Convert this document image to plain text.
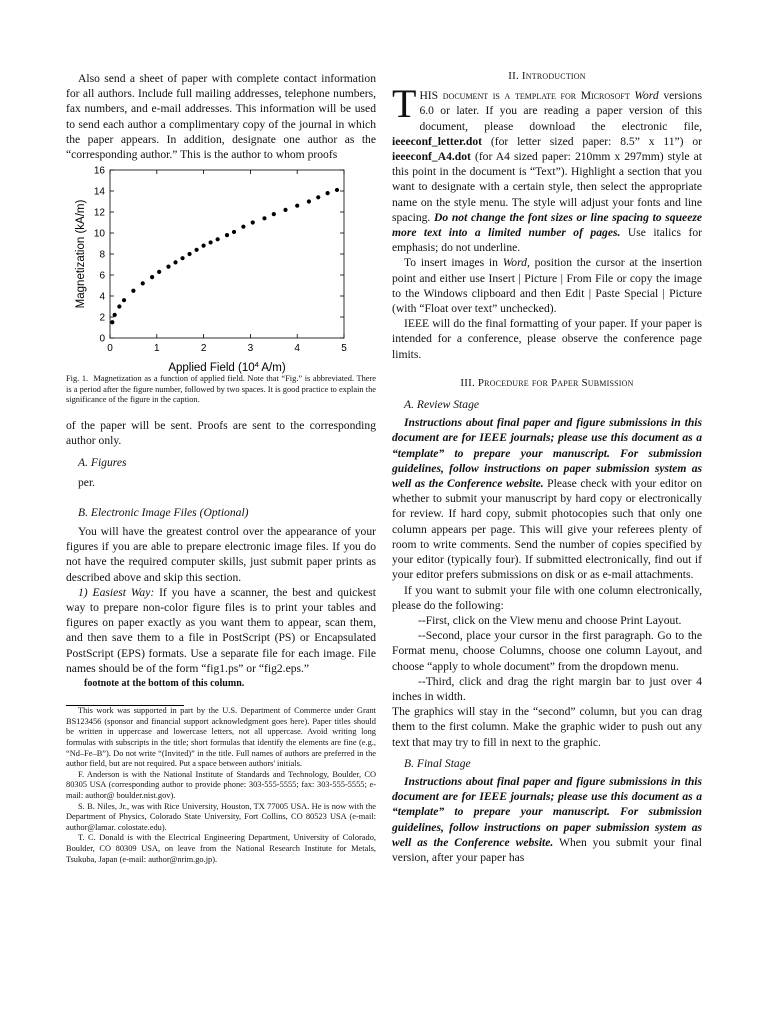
Also send a sheet of paper with complete contact information for all authors. Include full mailing addresses, telephone numbers, fax numbers, and e-mail addresses. This information will be used to send each author a complimentary copy of the journal in which the paper appears. In addition, designate one author as the “corresponding author.” This is the author to whom proofs

0	1	2	3	4	5
0
2
4
6
8
10
12
14
16
Applied Field ($10^4$ A/m)
Magnetization (kA/m)

Fig. 1. Magnetization as a function of applied field. Note that “Fig.” is abbreviated. There is a period after the figure number, followed by two spaces. It is good practice to explain the significance of the figure in the caption.

of the paper will be sent. Proofs are sent to the corresponding author only.

A. Figures

per.

B. Electronic Image Files (Optional)

You will have the greatest control over the appearance of your figures if you are able to prepare electronic image files. If you do not have the required computer skills, just submit paper prints as described above and skip this section.

1) Easiest Way: If you have a scanner, the best and quickest way to prepare non-color figure files is to print your tables and figures on paper exactly as you want them to appear, scan them, and then save them to a file in PostScript (PS) or Encapsulated PostScript (EPS) formats. Use a separate file for each image. File names should be of the form “fig1.ps” or “fig2.eps.”

footnote at the bottom of this column.

This work was supported in part by the U.S. Department of Commerce under Grant BS123456 (sponsor and financial support acknowledgment goes here). Paper titles should be written in uppercase and lowercase letters, not all uppercase. Avoid writing long formulas with subscripts in the title; short formulas that identify the elements are fine (e.g., “Nd–Fe–B”). Do not write “(Invited)” in the title. Full names of authors are preferred in the author field, but are not required. Put a space between authors' initials.

F. Anderson is with the National Institute of Standards and Technology, Boulder, CO 80305 USA (corresponding author to provide phone: 303-555-5555; fax: 303-555-5555; e-mail: author@ boulder.nist.gov).

S. B. Niles, Jr., was with Rice University, Houston, TX 77005 USA. He is now with the Department of Physics, Colorado State University, Fort Collins, CO 80523 USA (e-mail: author@lamar. colostate.edu).

T. C. Donald is with the Electrical Engineering Department, University of Colorado, Boulder, CO 80309 USA, on leave from the National Research Institute for Metals, Tsukuba, Japan (e-mail: author@nrim.go.jp).

II. Introduction

THIS document is a template for Microsoft Word versions 6.0 or later. If you are reading a paper version of this document, please download the electronic file, ieeeconf_letter.dot (for letter sized paper: 8.5” x 11”) or ieeeconf_A4.dot (for A4 sized paper: 210mm x 297mm) style at this point in the document is “Text”). Highlight a section that you want to designate with a certain style, then select the appropriate name on the style menu. The style will adjust your fonts and line spacing. Do not change the font sizes or line spacing to squeeze more text into a limited number of pages. Use italics for emphasis; do not underline.

To insert images in Word, position the cursor at the insertion point and either use Insert | Picture | From File or copy the image to the Windows clipboard and then Edit | Paste Special | Picture (with “Float over text” unchecked).

IEEE will do the final formatting of your paper. If your paper is intended for a conference, please observe the conference page limits.

III. Procedure for Paper Submission

A. Review Stage

Instructions about final paper and figure submissions in this document are for IEEE journals; please use this document as a “template” to prepare your manuscript. For submission guidelines, follow instructions on paper submission system as well as the Conference website. Please check with your editor on whether to submit your manuscript by hard copy or electronically for review. If hard copy, submit photocopies such that only one column appears per page. This will give your referees plenty of room to write comments. Send the number of copies specified by your editor (typically four). If submitted electronically, find out if your editor prefers submissions on disk or as e-mail attachments.

If you want to submit your file with one column electronically, please do the following:

--First, click on the View menu and choose Print Layout.

--Second, place your cursor in the first paragraph. Go to the Format menu, choose Columns, choose one column Layout, and choose “apply to whole document” from the dropdown menu.

--Third, click and drag the right margin bar to just over 4 inches in width.

The graphics will stay in the “second” column, but you can drag them to the first column. Make the graphic wider to push out any text that may try to fill in next to the graphic.

B. Final Stage

Instructions about final paper and figure submissions in this document are for IEEE journals; please use this document as a “template” to prepare your manuscript. For submission guidelines, follow instructions on paper submission system as well as the Conference website. When you submit your final version, after your paper has
